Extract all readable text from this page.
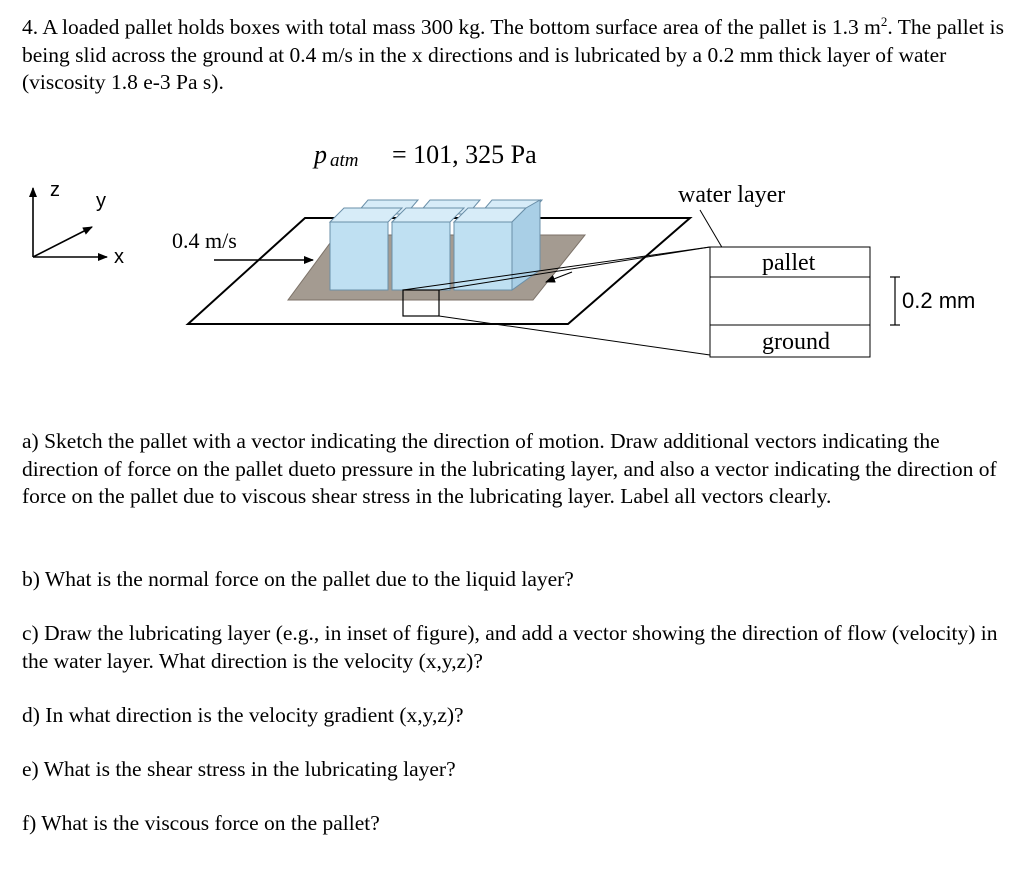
4. A loaded pallet holds boxes with total mass 300 kg. The bottom surface area of the pallet is 1.3 $m^2$. The pallet is being slid across the ground at 0.4 m/s in the x directions and is lubricated by a 0.2 mm thick layer of water (viscosity 1.8 e-3 Pa s).
p atm = 101, 325 Pa
z y
x
0.4 m/s
water layer
pallet
ground
0.2 mm
a) Sketch the pallet with a vector indicating the direction of motion. Draw additional vectors indicating the direction of force on the pallet dueto pressure in the lubricating layer, and also a vector indicating the direction of force on the pallet due to viscous shear stress in the lubricating layer. Label all vectors clearly.
b) What is the normal force on the pallet due to the liquid layer?
c) Draw the lubricating layer (e.g., in inset of figure), and add a vector showing the direction of flow (velocity) in the water layer. What direction is the velocity (x,y,z)?
d) In what direction is the velocity gradient (x,y,z)?
e) What is the shear stress in the lubricating layer?
f) What is the viscous force on the pallet?
